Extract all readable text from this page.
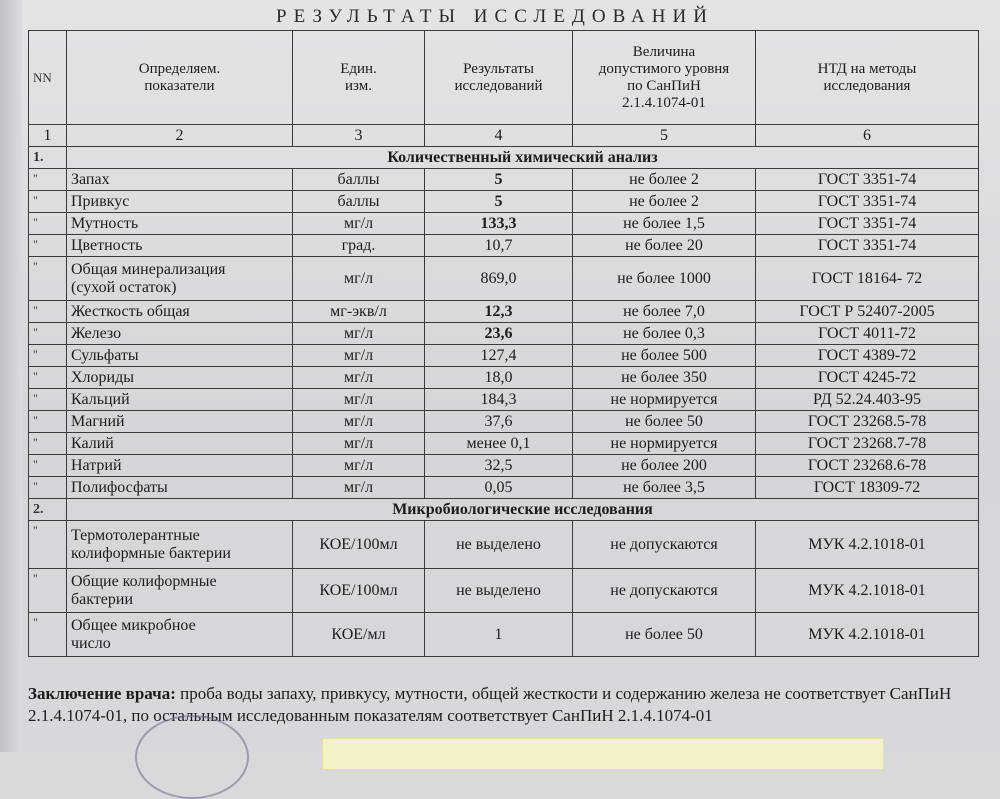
РЕЗУЛЬТАТЫ ИССЛЕДОВАНИЙ
NN	Определяем.
показатели	Един.
изм.	Результаты
исследований	Величина
допустимого уровня
по СанПиН
2.1.4.1074-01	НТД на методы
исследования
1	2	3	4	5	6
1.	Количественный химический анализ				
"	Запах	баллы	5	не более 2	ГОСТ 3351-74
"	Привкус	баллы	5	не более 2	ГОСТ 3351-74
"	Мутность	мг/л	133,3	не более 1,5	ГОСТ 3351-74
"	Цветность	град.	10,7	не более 20	ГОСТ 3351-74
"	Общая минерализация
(сухой остаток)	мг/л	869,0	не более 1000	ГОСТ 18164- 72
"	Жесткость общая	мг-экв/л	12,3	не более 7,0	ГОСТ Р 52407-2005
"	Железо	мг/л	23,6	не более 0,3	ГОСТ 4011-72
"	Сульфаты	мг/л	127,4	не более 500	ГОСТ 4389-72
"	Хлориды	мг/л	18,0	не более 350	ГОСТ 4245-72
"	Кальций	мг/л	184,3	не нормируется	РД 52.24.403-95
"	Магний	мг/л	37,6	не более 50	ГОСТ 23268.5-78
"	Калий	мг/л	менее 0,1	не нормируется	ГОСТ 23268.7-78
"	Натрий	мг/л	32,5	не более 200	ГОСТ 23268.6-78
"	Полифосфаты	мг/л	0,05	не более 3,5	ГОСТ 18309-72
2.	Микробиологические исследования				
"	Термотолерантные
колиформные бактерии	КОЕ/100мл	не выделено	не допускаются	МУК 4.2.1018-01
"	Общие колиформные
бактерии	КОЕ/100мл	не выделено	не допускаются	МУК 4.2.1018-01
"	Общее микробное
число	КОЕ/мл	1	не более 50	МУК 4.2.1018-01
Заключение врача: проба воды запаху, привкусу, мутности, общей жесткости и содержанию железа не соответствует СанПиН 2.1.4.1074-01, по остальным исследованным показателям соответствует СанПиН 2.1.4.1074-01
